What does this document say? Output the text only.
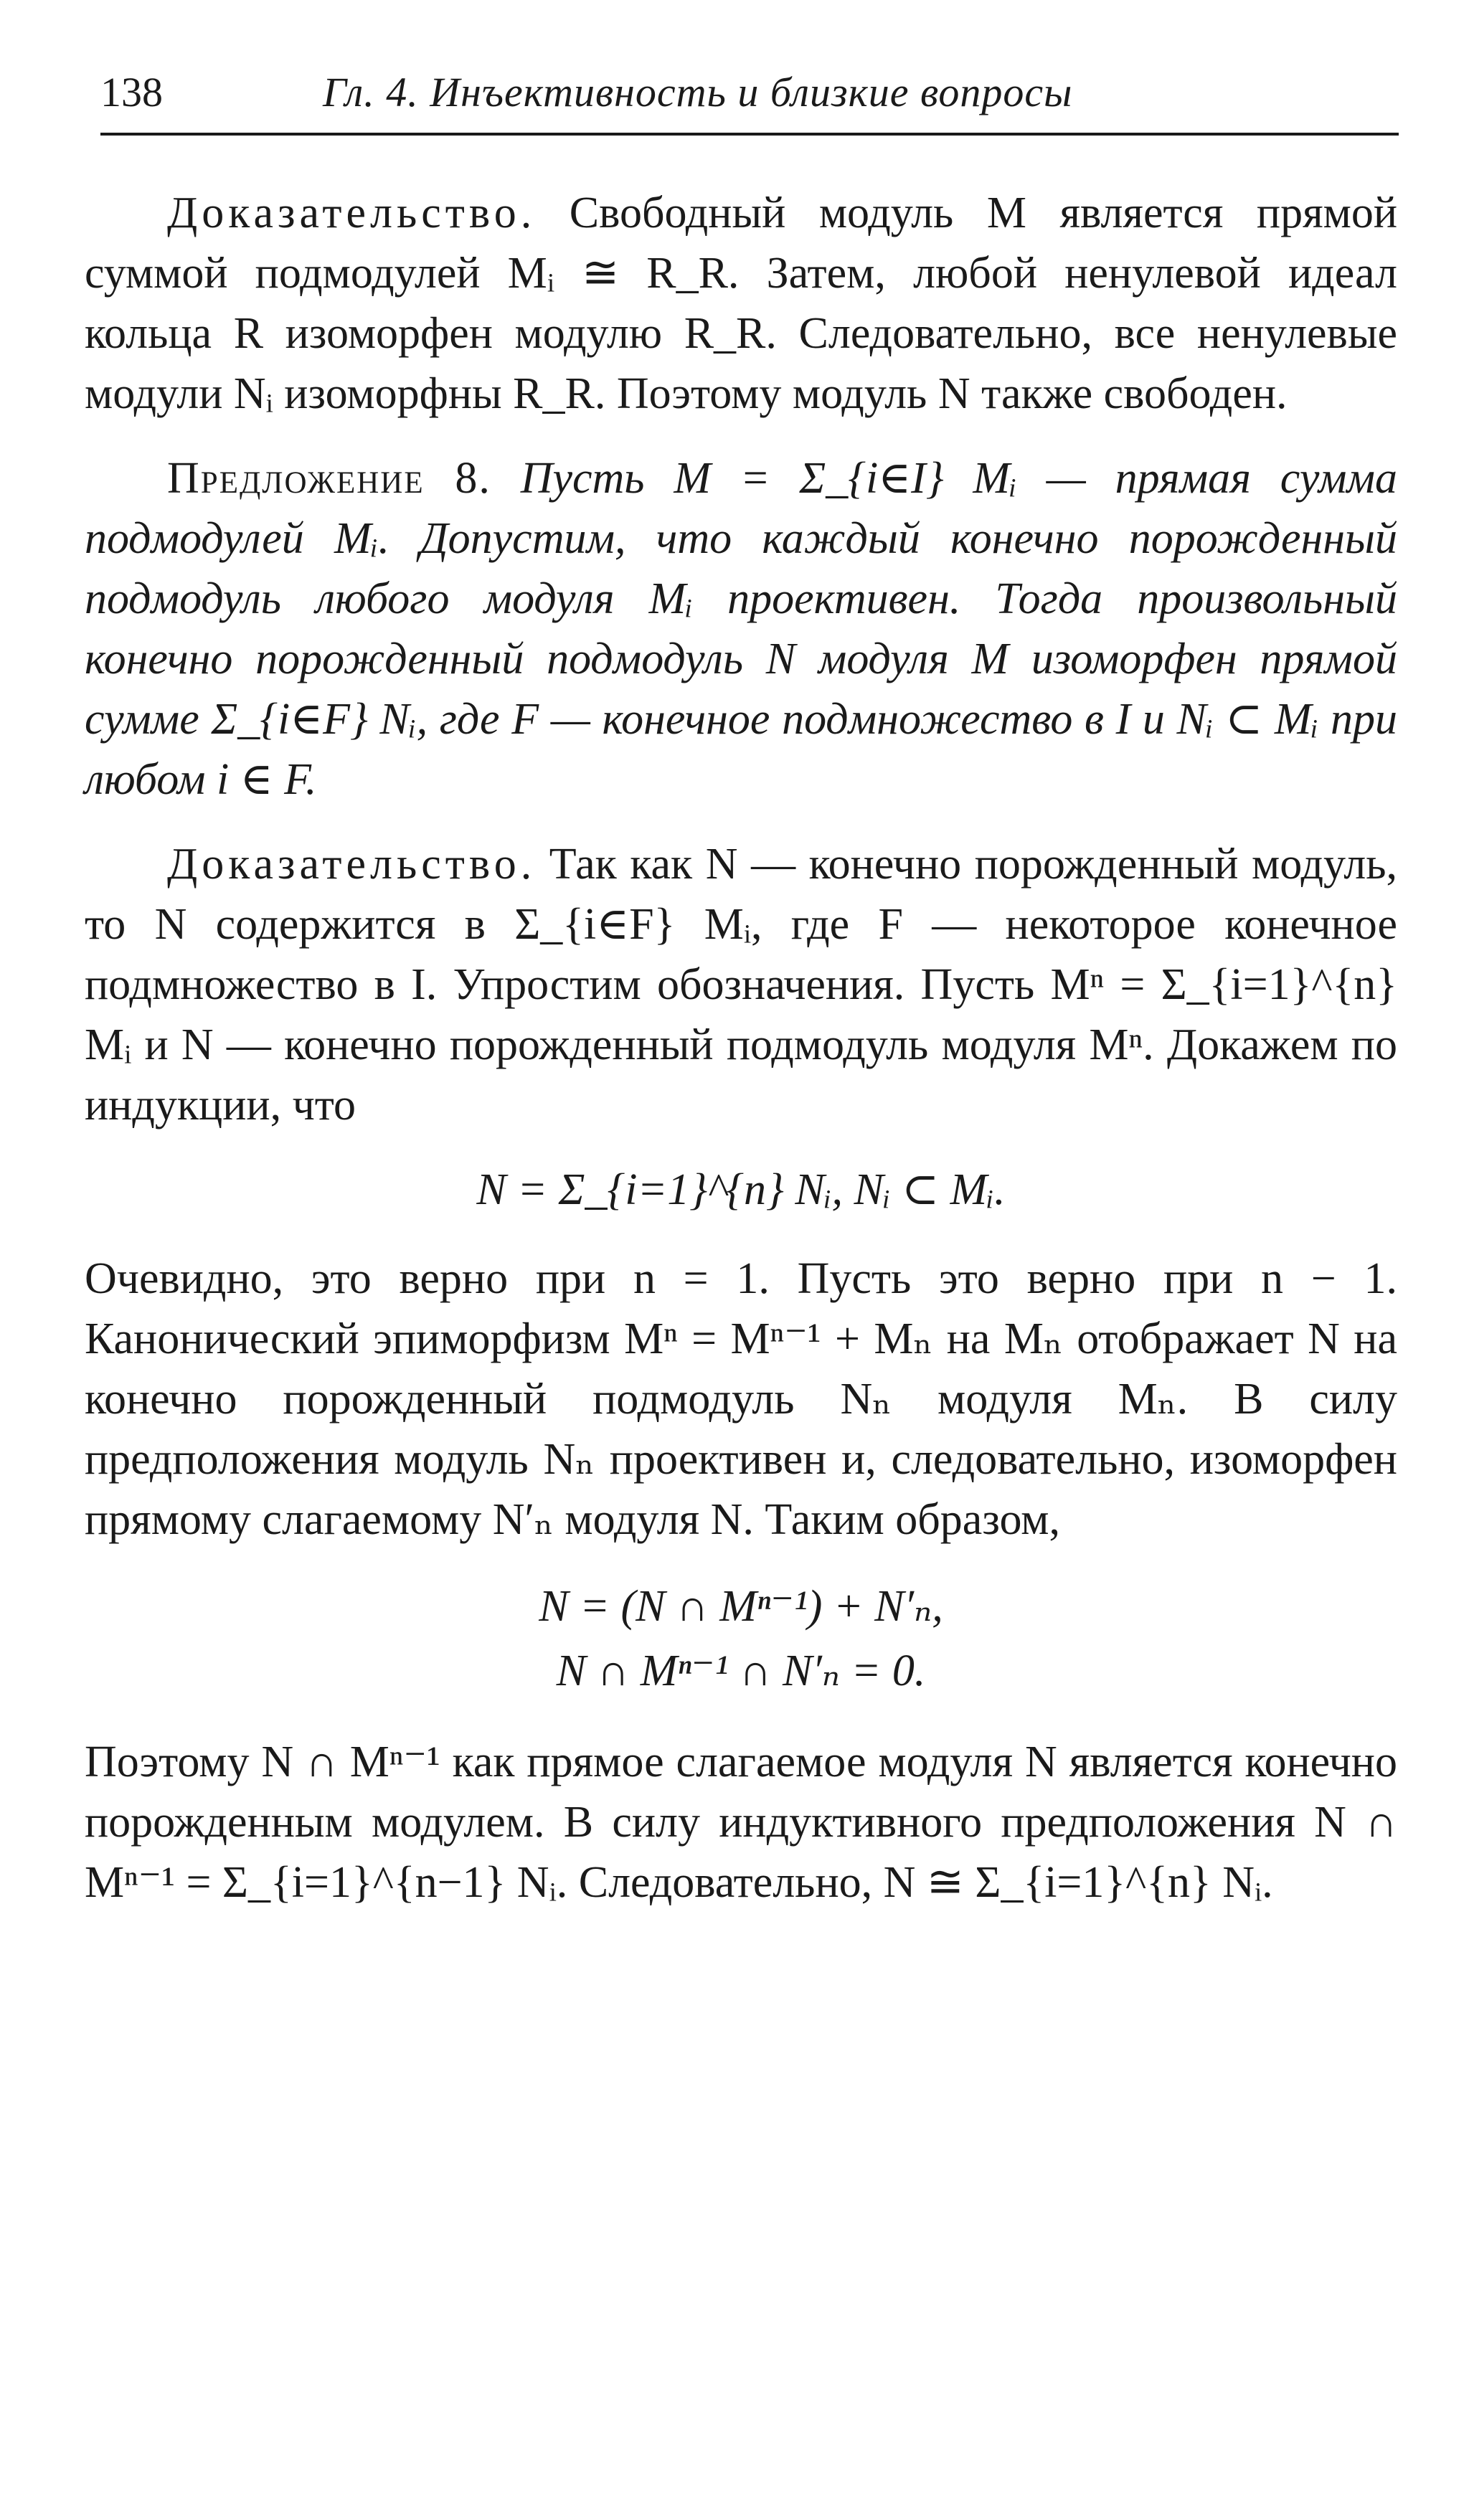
138	Гл. 4. Инъективность и близкие вопросы

Доказательство. Свободный модуль M является прямой суммой подмодулей Mᵢ ≅ R_R. Затем, любой ненулевой идеал кольца R изоморфен модулю R_R. Следовательно, все ненулевые модули Nᵢ изоморфны R_R. Поэтому модуль N также свободен.

Предложение 8. Пусть M = Σ_{i∈I} Mᵢ — прямая сумма подмодулей Mᵢ. Допустим, что каждый конечно порожденный подмодуль любого модуля Mᵢ проективен. Тогда произвольный конечно порожденный подмодуль N модуля M изоморфен прямой сумме Σ_{i∈F} Nᵢ, где F — конечное подмножество в I и Nᵢ ⊂ Mᵢ при любом i ∈ F.

Доказательство. Так как N — конечно порожденный модуль, то N содержится в Σ_{i∈F} Mᵢ, где F — некоторое конечное подмножество в I. Упростим обозначения. Пусть Mⁿ = Σ_{i=1}^{n} Mᵢ и N — конечно порожденный подмодуль модуля Mⁿ. Докажем по индукции, что

N = Σ_{i=1}^{n} Nᵢ, Nᵢ ⊂ Mᵢ.

Очевидно, это верно при n = 1. Пусть это верно при n − 1. Канонический эпиморфизм Mⁿ = Mⁿ⁻¹ + Mₙ на Mₙ отображает N на конечно порожденный подмодуль Nₙ модуля Mₙ. В силу предположения модуль Nₙ проективен и, следовательно, изоморфен прямому слагаемому N′ₙ модуля N. Таким образом,

N = (N ∩ Mⁿ⁻¹) + N′ₙ,
N ∩ Mⁿ⁻¹ ∩ N′ₙ = 0.

Поэтому N ∩ Mⁿ⁻¹ как прямое слагаемое модуля N является конечно порожденным модулем. В силу индуктивного предположения N ∩ Mⁿ⁻¹ = Σ_{i=1}^{n−1} Nᵢ. Следовательно, N ≅ Σ_{i=1}^{n} Nᵢ.
